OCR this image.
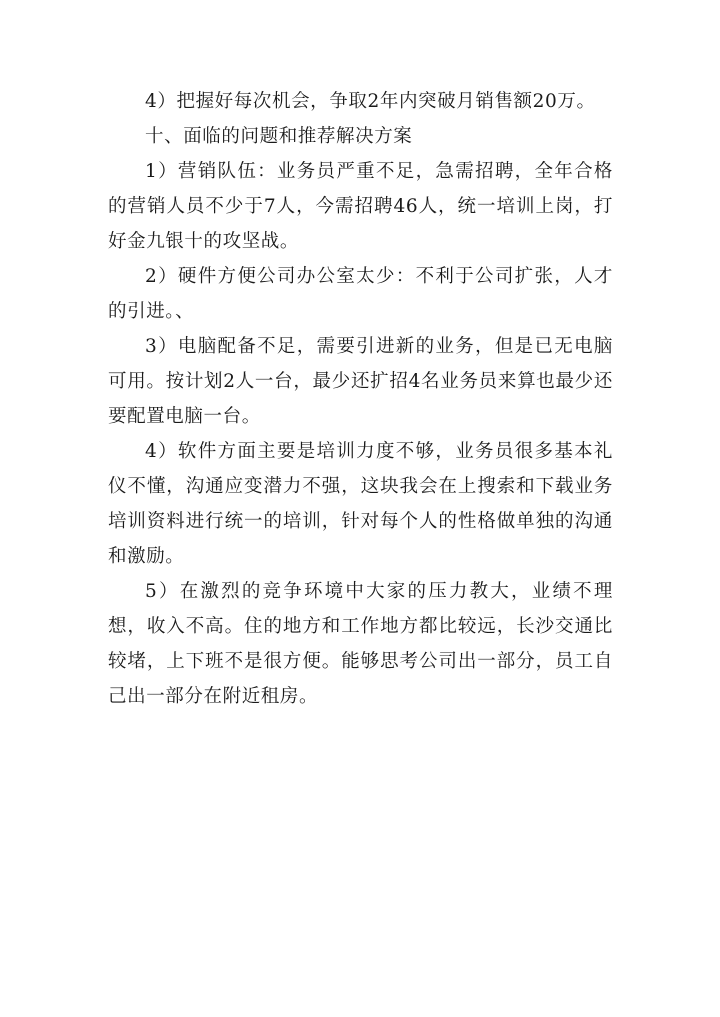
4）把握好每次机会，争取2年内突破月销售额20万。

十、面临的问题和推荐解决方案

1）营销队伍：业务员严重不足，急需招聘，全年合格的营销人员不少于7人，今需招聘46人，统一培训上岗，打好金九银十的攻坚战。

2）硬件方便公司办公室太少：不利于公司扩张，人才的引进。、

3）电脑配备不足，需要引进新的业务，但是已无电脑可用。按计划2人一台，最少还扩招4名业务员来算也最少还要配置电脑一台。

4）软件方面主要是培训力度不够，业务员很多基本礼仪不懂，沟通应变潜力不强，这块我会在上搜索和下载业务培训资料进行统一的培训，针对每个人的性格做单独的沟通和激励。

5）在激烈的竞争环境中大家的压力教大，业绩不理想，收入不高。住的地方和工作地方都比较远，长沙交通比较堵，上下班不是很方便。能够思考公司出一部分，员工自己出一部分在附近租房。
